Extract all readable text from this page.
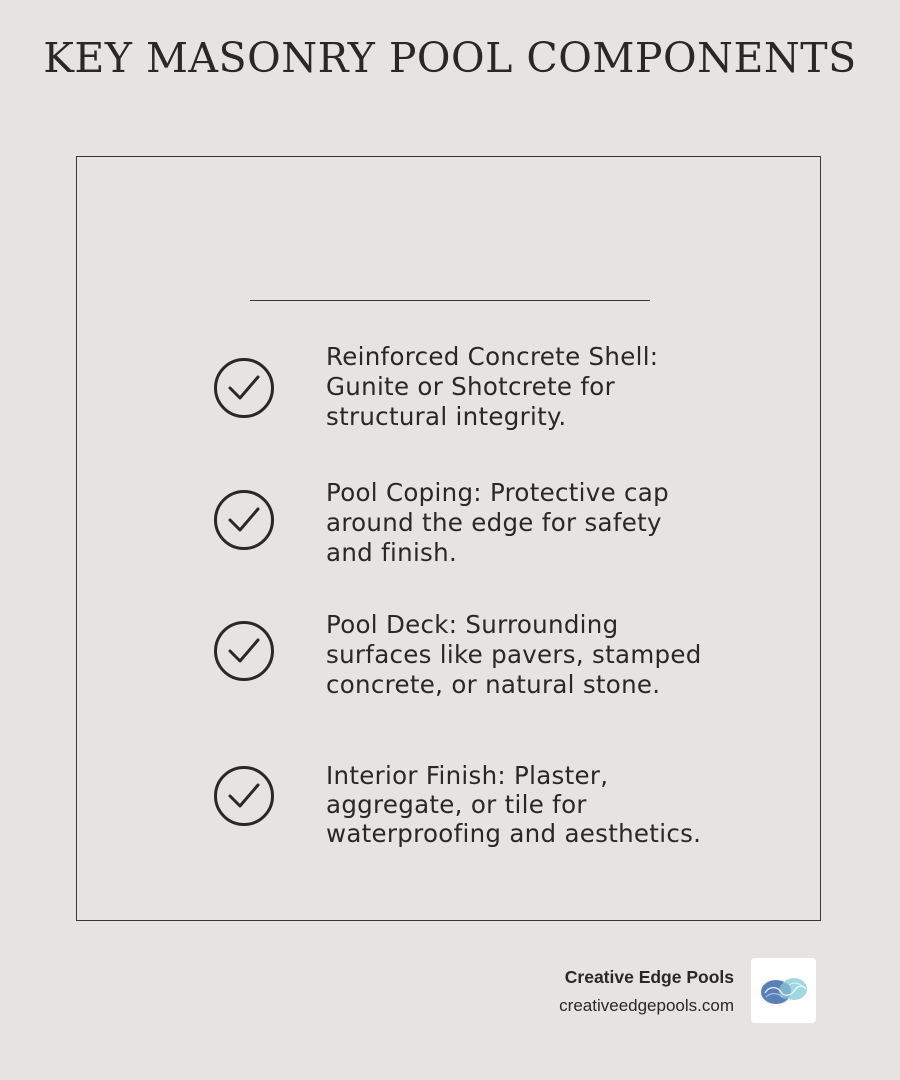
KEY MASONRY POOL COMPONENTS
Reinforced Concrete Shell:
Gunite or Shotcrete for
structural integrity.
Pool Coping: Protective cap
around the edge for safety
and finish.
Pool Deck: Surrounding
surfaces like pavers, stamped
concrete, or natural stone.
Interior Finish: Plaster,
aggregate, or tile for
waterproofing and aesthetics.
Creative Edge Pools
creativeedgepools.com
